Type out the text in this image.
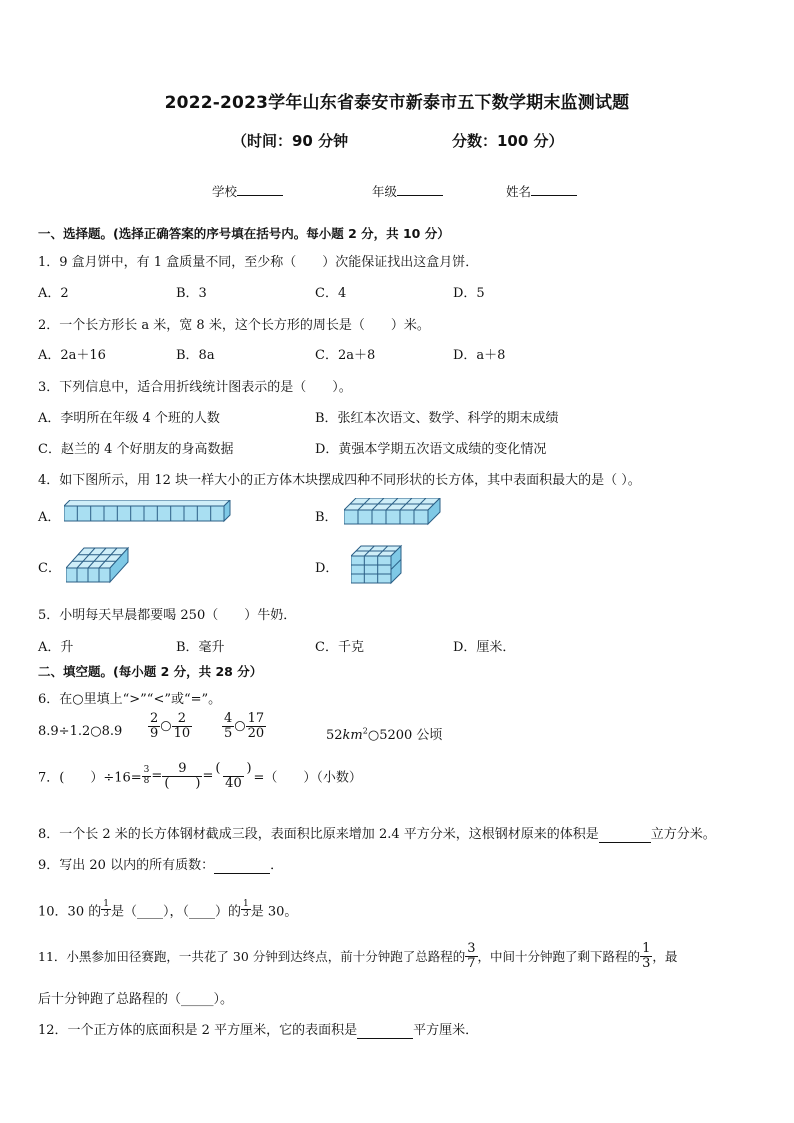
2022-2023学年山东省泰安市新泰市五下数学期末监测试题
（时间：90 分钟	分数：100 分）
学校	年级	姓名
一、选择题。(选择正确答案的序号填在括号内。每小题 2 分，共 10 分）
1．9 盒月饼中，有 1 盒质量不同，至少称（　　）次能保证找出这盒月饼．
A．2	B．3	C．4	D．5
2．一个长方形长 a 米，宽 8 米，这个长方形的周长是（　　）米。
A．2a＋16	B．8a	C．2a＋8	D．a＋8
3．下列信息中，适合用折线统计图表示的是（　　）。
A．李明所在年级 4 个班的人数	B．张红本次语文、数学、科学的期末成绩
C．赵兰的 4 个好朋友的身高数据	D．黄强本学期五次语文成绩的变化情况
4．如下图所示，用 12 块一样大小的正方体木块摆成四种不同形状的长方体，其中表面积最大的是（ ）。
A．	B．
C．	D．
5．小明每天早晨都要喝 250（　　）牛奶．
A．升	B．毫升	C．千克	D．厘米．
二、填空题。(每小题 2 分，共 28 分）
6．在○里填上“>”“<”或“=”。
8.9÷1.2○8.9 $\frac{2}{9}$ ○ $\frac{2}{10} \frac{4}{5}$ ○ $\frac{17}{20}$	$52km^2○5200$ 公顷
7．(　　）$\div 16= \frac{3}{8} = \frac{9}{( )} = \frac{( )}{40}$ =（　　）（小数）
8．一个长 2 米的长方体钢材截成三段，表面积比原来增加 2.4 平方分米，这根钢材原来的体积是	立方分米。
9．写出 20 以内的所有质数：	．
10．30 的 $\frac{1}{3}$ 是（____），（____）的 $\frac{1}{3}$ 是 30。
11．小黑参加田径赛跑，一共花了 30 分钟到达终点，前十分钟跑了总路程的 $\frac{3}{7}$ ，中间十分钟跑了剩下路程的 $\frac{1}{3}$ ，最
后十分钟跑了总路程的（_____）。
12．一个正方体的底面积是 2 平方厘米，它的表面积是	平方厘米．
